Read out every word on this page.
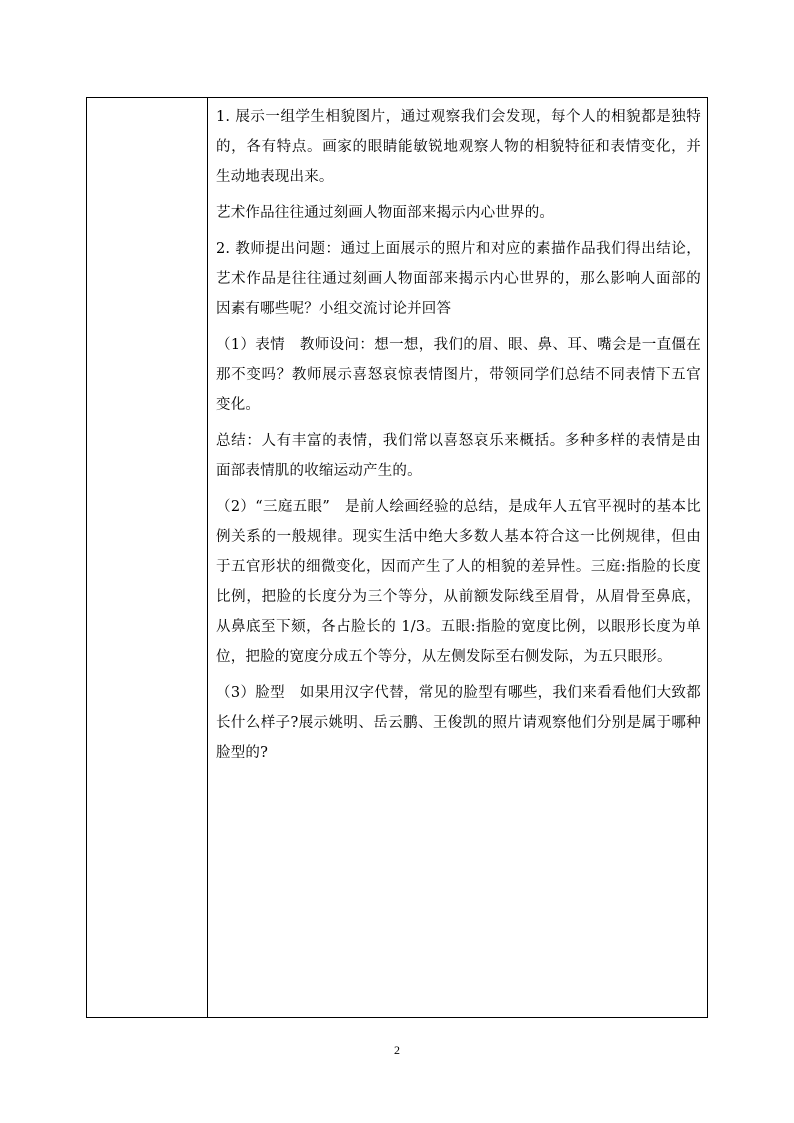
1. 展示一组学生相貌图片，通过观察我们会发现，每个人的相貌都是独特的，各有特点。画家的眼睛能敏锐地观察人物的相貌特征和表情变化，并生动地表现出来。

艺术作品往往通过刻画人物面部来揭示内心世界的。

2. 教师提出问题：通过上面展示的照片和对应的素描作品我们得出结论，艺术作品是往往通过刻画人物面部来揭示内心世界的，那么影响人面部的因素有哪些呢？小组交流讨论并回答

（1）表情　教师设问：想一想，我们的眉、眼、鼻、耳、嘴会是一直僵在那不变吗？教师展示喜怒哀惊表情图片，带领同学们总结不同表情下五官变化。

总结：人有丰富的表情，我们常以喜怒哀乐来概括。多种多样的表情是由面部表情肌的收缩运动产生的。

（2）“三庭五眼”　是前人绘画经验的总结，是成年人五官平视时的基本比例关系的一般规律。现实生活中绝大多数人基本符合这一比例规律，但由于五官形状的细微变化，因而产生了人的相貌的差异性。三庭:指脸的长度比例，把脸的长度分为三个等分，从前额发际线至眉骨，从眉骨至鼻底，从鼻底至下颏，各占脸长的 1/3。五眼:指脸的宽度比例，以眼形长度为单位，把脸的宽度分成五个等分，从左侧发际至右侧发际，为五只眼形。

（3）脸型　如果用汉字代替，常见的脸型有哪些，我们来看看他们大致都长什么样子?展示姚明、岳云鹏、王俊凯的照片请观察他们分别是属于哪种脸型的?

2
